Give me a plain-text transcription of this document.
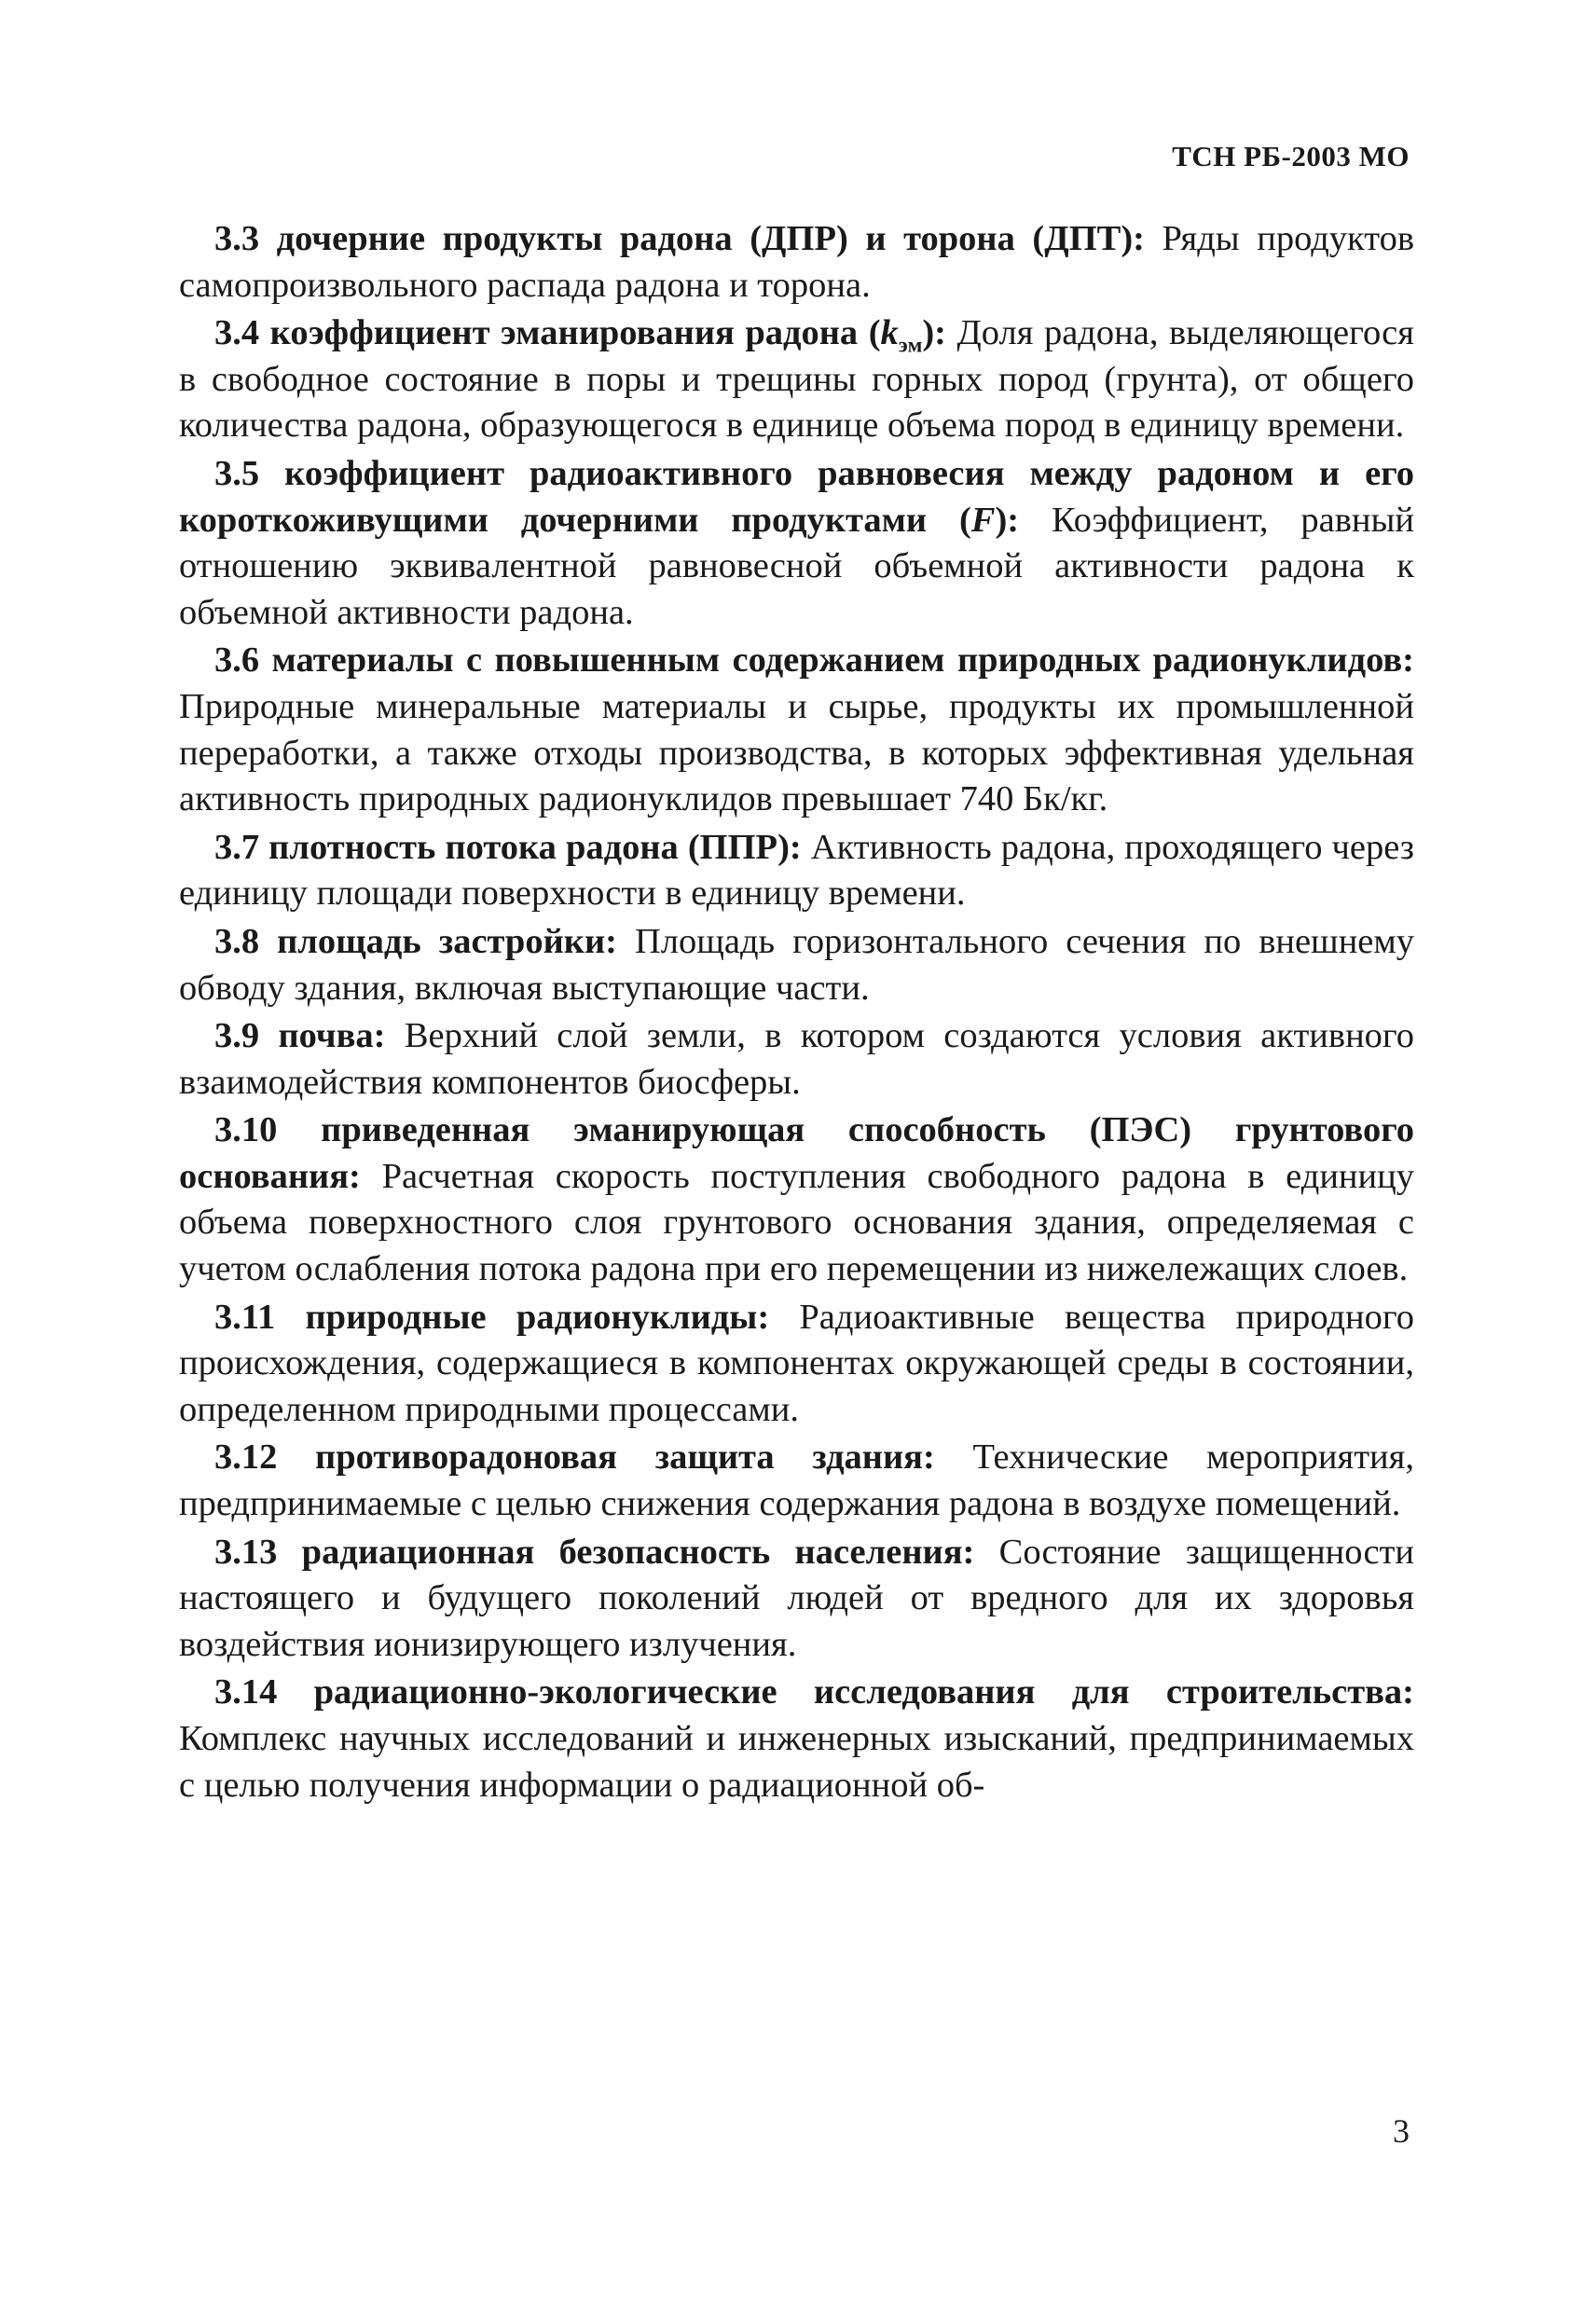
ТСН РБ-2003 МО

3.3 дочерние продукты радона (ДПР) и торона (ДПТ): Ряды продуктов самопроизвольного распада радона и торона.

3.4 коэффициент эманирования радона $(k_{эм})$: Доля радона, выделяющегося в свободное состояние в поры и трещины горных пород (грунта), от общего количества радона, образующегося в единице объема пород в единицу времени.

3.5 коэффициент радиоактивного равновесия между радоном и его короткоживущими дочерними продуктами (F): Коэффициент, равный отношению эквивалентной равновесной объемной активности радона к объемной активности радона.

3.6 материалы с повышенным содержанием природных радионуклидов: Природные минеральные материалы и сырье, продукты их промышленной переработки, а также отходы производства, в которых эффективная удельная активность природных радионуклидов превышает 740 Бк/кг.

3.7 плотность потока радона (ППР): Активность радона, проходящего через единицу площади поверхности в единицу времени.

3.8 площадь застройки: Площадь горизонтального сечения по внешнему обводу здания, включая выступающие части.

3.9 почва: Верхний слой земли, в котором создаются условия активного взаимодействия компонентов биосферы.

3.10 приведенная эманирующая способность (ПЭС) грунтового основания: Расчетная скорость поступления свободного радона в единицу объема поверхностного слоя грунтового основания здания, определяемая с учетом ослабления потока радона при его перемещении из нижележащих слоев.

3.11 природные радионуклиды: Радиоактивные вещества природного происхождения, содержащиеся в компонентах окружающей среды в состоянии, определенном природными процессами.

3.12 противорадоновая защита здания: Технические мероприятия, предпринимаемые с целью снижения содержания радона в воздухе помещений.

3.13 радиационная безопасность населения: Состояние защищенности настоящего и будущего поколений людей от вредного для их здоровья воздействия ионизирующего излучения.

3.14 радиационно-экологические исследования для строительства: Комплекс научных исследований и инженерных изысканий, предпринимаемых с целью получения информации о радиационной об-

3
